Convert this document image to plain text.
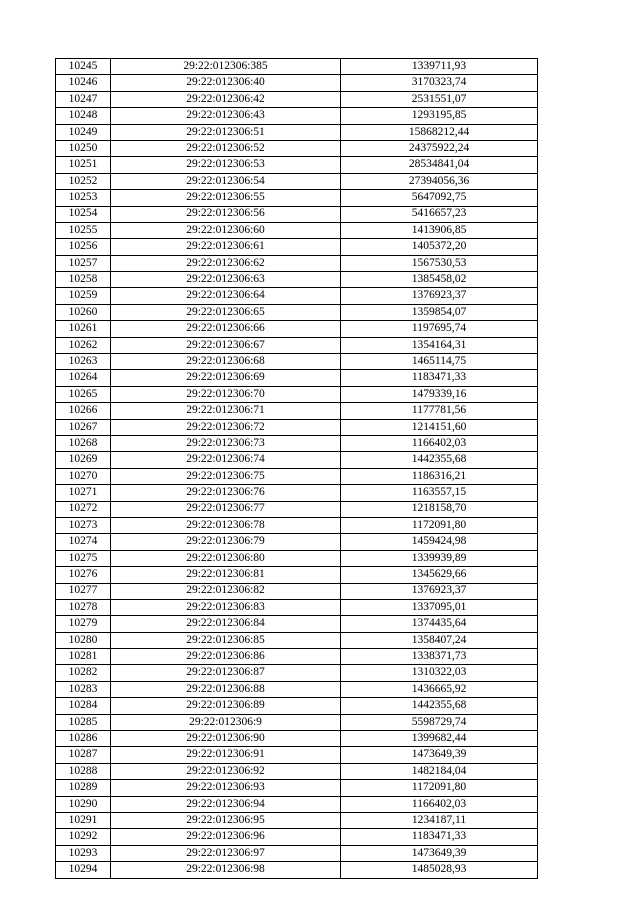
10245	29:22:012306:385	1339711,93
10246	29:22:012306:40	3170323,74
10247	29:22:012306:42	2531551,07
10248	29:22:012306:43	1293195,85
10249	29:22:012306:51	15868212,44
10250	29:22:012306:52	24375922,24
10251	29:22:012306:53	28534841,04
10252	29:22:012306:54	27394056,36
10253	29:22:012306:55	5647092,75
10254	29:22:012306:56	5416657,23
10255	29:22:012306:60	1413906,85
10256	29:22:012306:61	1405372,20
10257	29:22:012306:62	1567530,53
10258	29:22:012306:63	1385458,02
10259	29:22:012306:64	1376923,37
10260	29:22:012306:65	1359854,07
10261	29:22:012306:66	1197695,74
10262	29:22:012306:67	1354164,31
10263	29:22:012306:68	1465114,75
10264	29:22:012306:69	1183471,33
10265	29:22:012306:70	1479339,16
10266	29:22:012306:71	1177781,56
10267	29:22:012306:72	1214151,60
10268	29:22:012306:73	1166402,03
10269	29:22:012306:74	1442355,68
10270	29:22:012306:75	1186316,21
10271	29:22:012306:76	1163557,15
10272	29:22:012306:77	1218158,70
10273	29:22:012306:78	1172091,80
10274	29:22:012306:79	1459424,98
10275	29:22:012306:80	1339939,89
10276	29:22:012306:81	1345629,66
10277	29:22:012306:82	1376923,37
10278	29:22:012306:83	1337095,01
10279	29:22:012306:84	1374435,64
10280	29:22:012306:85	1358407,24
10281	29:22:012306:86	1338371,73
10282	29:22:012306:87	1310322,03
10283	29:22:012306:88	1436665,92
10284	29:22:012306:89	1442355,68
10285	29:22:012306:9	5598729,74
10286	29:22:012306:90	1399682,44
10287	29:22:012306:91	1473649,39
10288	29:22:012306:92	1482184,04
10289	29:22:012306:93	1172091,80
10290	29:22:012306:94	1166402,03
10291	29:22:012306:95	1234187,11
10292	29:22:012306:96	1183471,33
10293	29:22:012306:97	1473649,39
10294	29:22:012306:98	1485028,93
